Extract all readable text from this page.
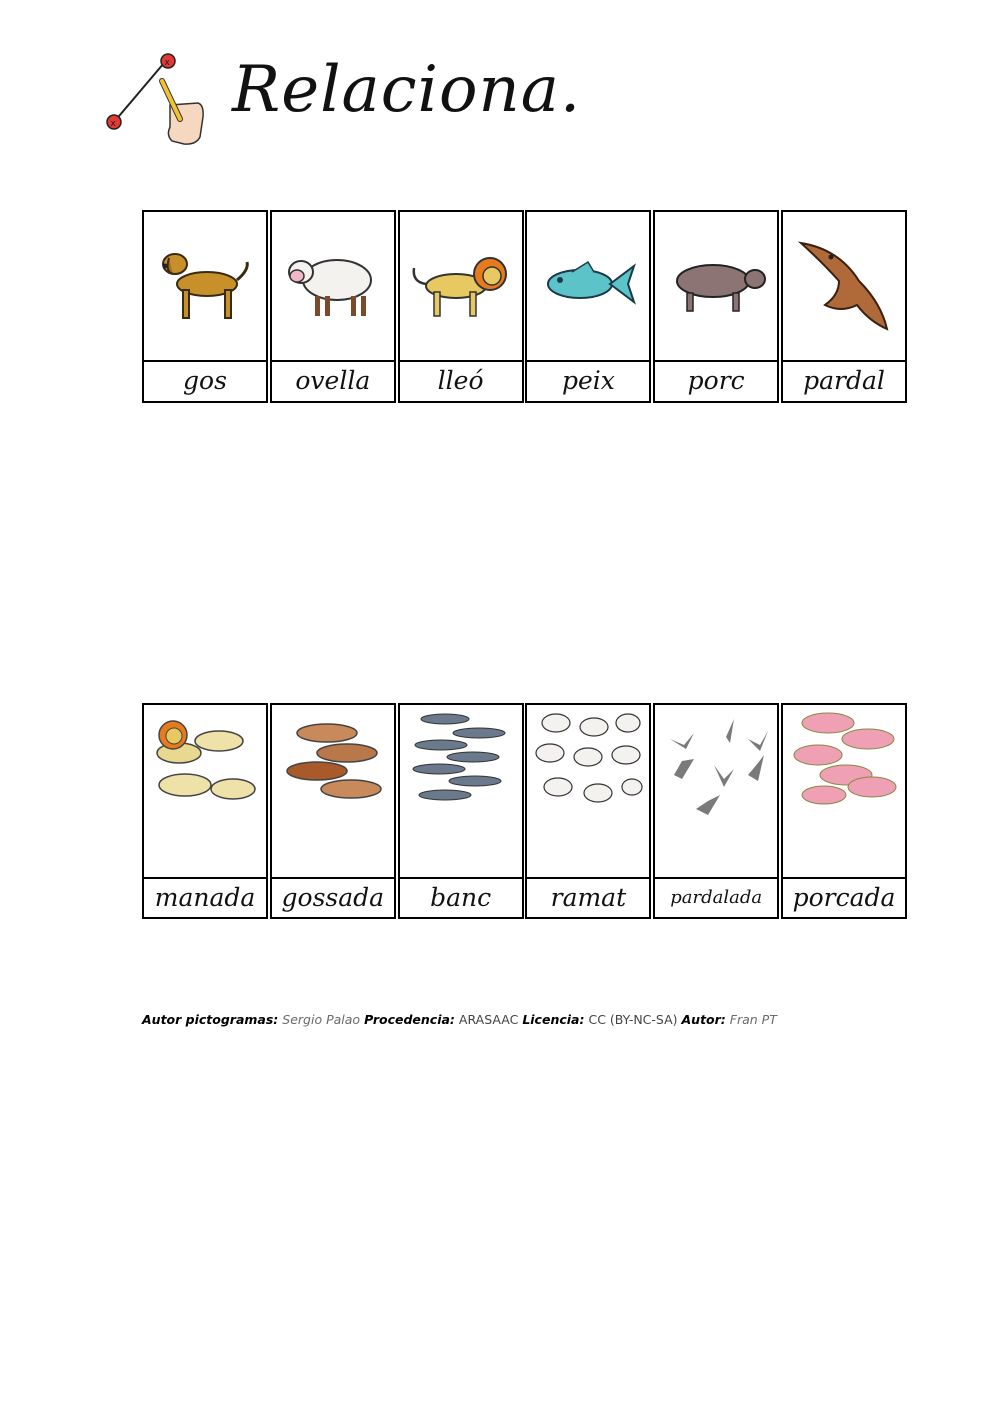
x
x Relaciona.
gos	ovella	lleó	peix	porc	pardal
manada	gossada	banc	ramat	pardalada	porcada
Autor pictogramas: Sergio Palao Procedencia: ARASAAC Licencia: CC (BY-NC-SA) Autor: Fran PT
